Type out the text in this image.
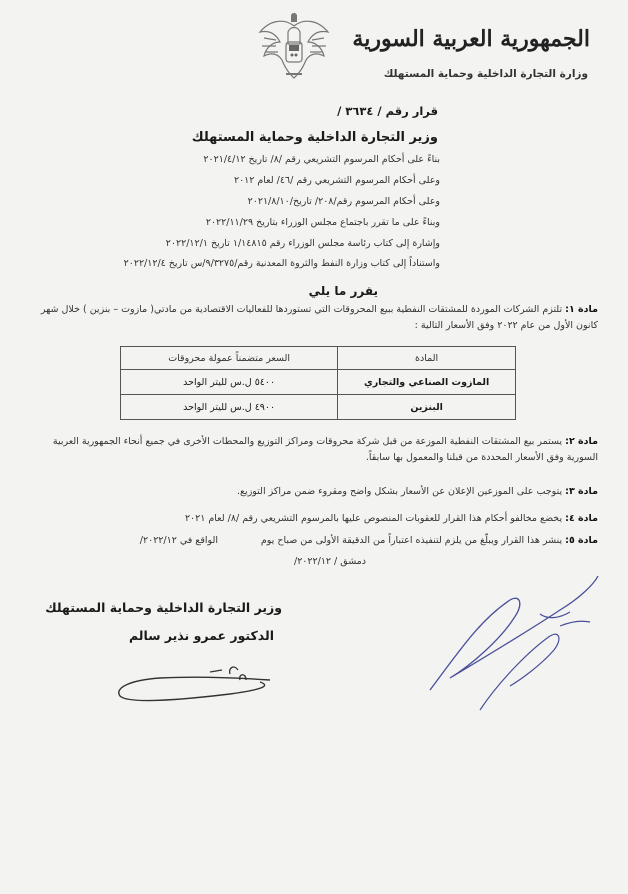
الجمهورية العربية السورية
وزارة التجارة الداخلية وحماية المستهلك
قرار رقم / ٣٦٣٤ /
وزير التجارة الداخلية وحماية المستهلك
بناءً على أحكام المرسوم التشريعي رقم /٨/ تاريخ ٢٠٢١/٤/١٢
وعلى أحكام المرسوم التشريعي رقم /٤٦/ لعام ٢٠١٢
وعلى أحكام المرسوم رقم/٢٠٨/ تاريخ/٢٠٢١/٨/١٠
وبناءً على ما تقرر باجتماع مجلس الوزراء بتاريخ ٢٠٢٢/١١/٢٩
وإشارة إلى كتاب رئاسة مجلس الوزراء رقم ١/١٤٨١٥ تاريخ ٢٠٢٢/١٢/١
واستناداً إلى كتاب وزارة النفط والثروة المعدنية رقم/٩/٣٢٧٥/س تاريخ ٢٠٢٢/١٢/٤
يقرر ما يلي
مادة ١: تلتزم الشركات الموردة للمشتقات النفطية ببيع المحروقات التي تستوردها للفعاليات الاقتصادية من مادتي( مازوت – بنزين ) خلال شهر كانون الأول من عام ٢٠٢٢ وفق الأسعار التالية :
المادة	السعر متضمناً عمولة محروقات
المازوت الصناعي والتجاري	٥٤٠٠ ل.س لليتر الواحد
البنزين	٤٩٠٠ ل.س لليتر الواحد
مادة ٢: يستمر بيع المشتقات النفطية الموزعة من قبل شركة محروقات ومراكز التوزيع والمحطات الأخرى في جميع أنحاء الجمهورية العربية السورية وفق الأسعار المحددة من قبلنا والمعمول بها سابقاً.
مادة ٣: يتوجب على الموزعين الإعلان عن الأسعار بشكل واضح ومقروء ضمن مراكز التوزيع.
مادة ٤: يخضع مخالفو أحكام هذا القرار للعقوبات المنصوص عليها بالمرسوم التشريعي رقم /٨/ لعام ٢٠٢١
مادة ٥: ينشر هذا القرار ويبلّغ من يلزم لتنفيذه اعتباراً من الدقيقة الأولى من صباح يوم
الواقع في ٢٠٢٢/١٢/
دمشق / ٢٠٢٢/١٢/
وزير التجارة الداخلية وحماية المستهلك
الدكتور عمرو نذير سالم
